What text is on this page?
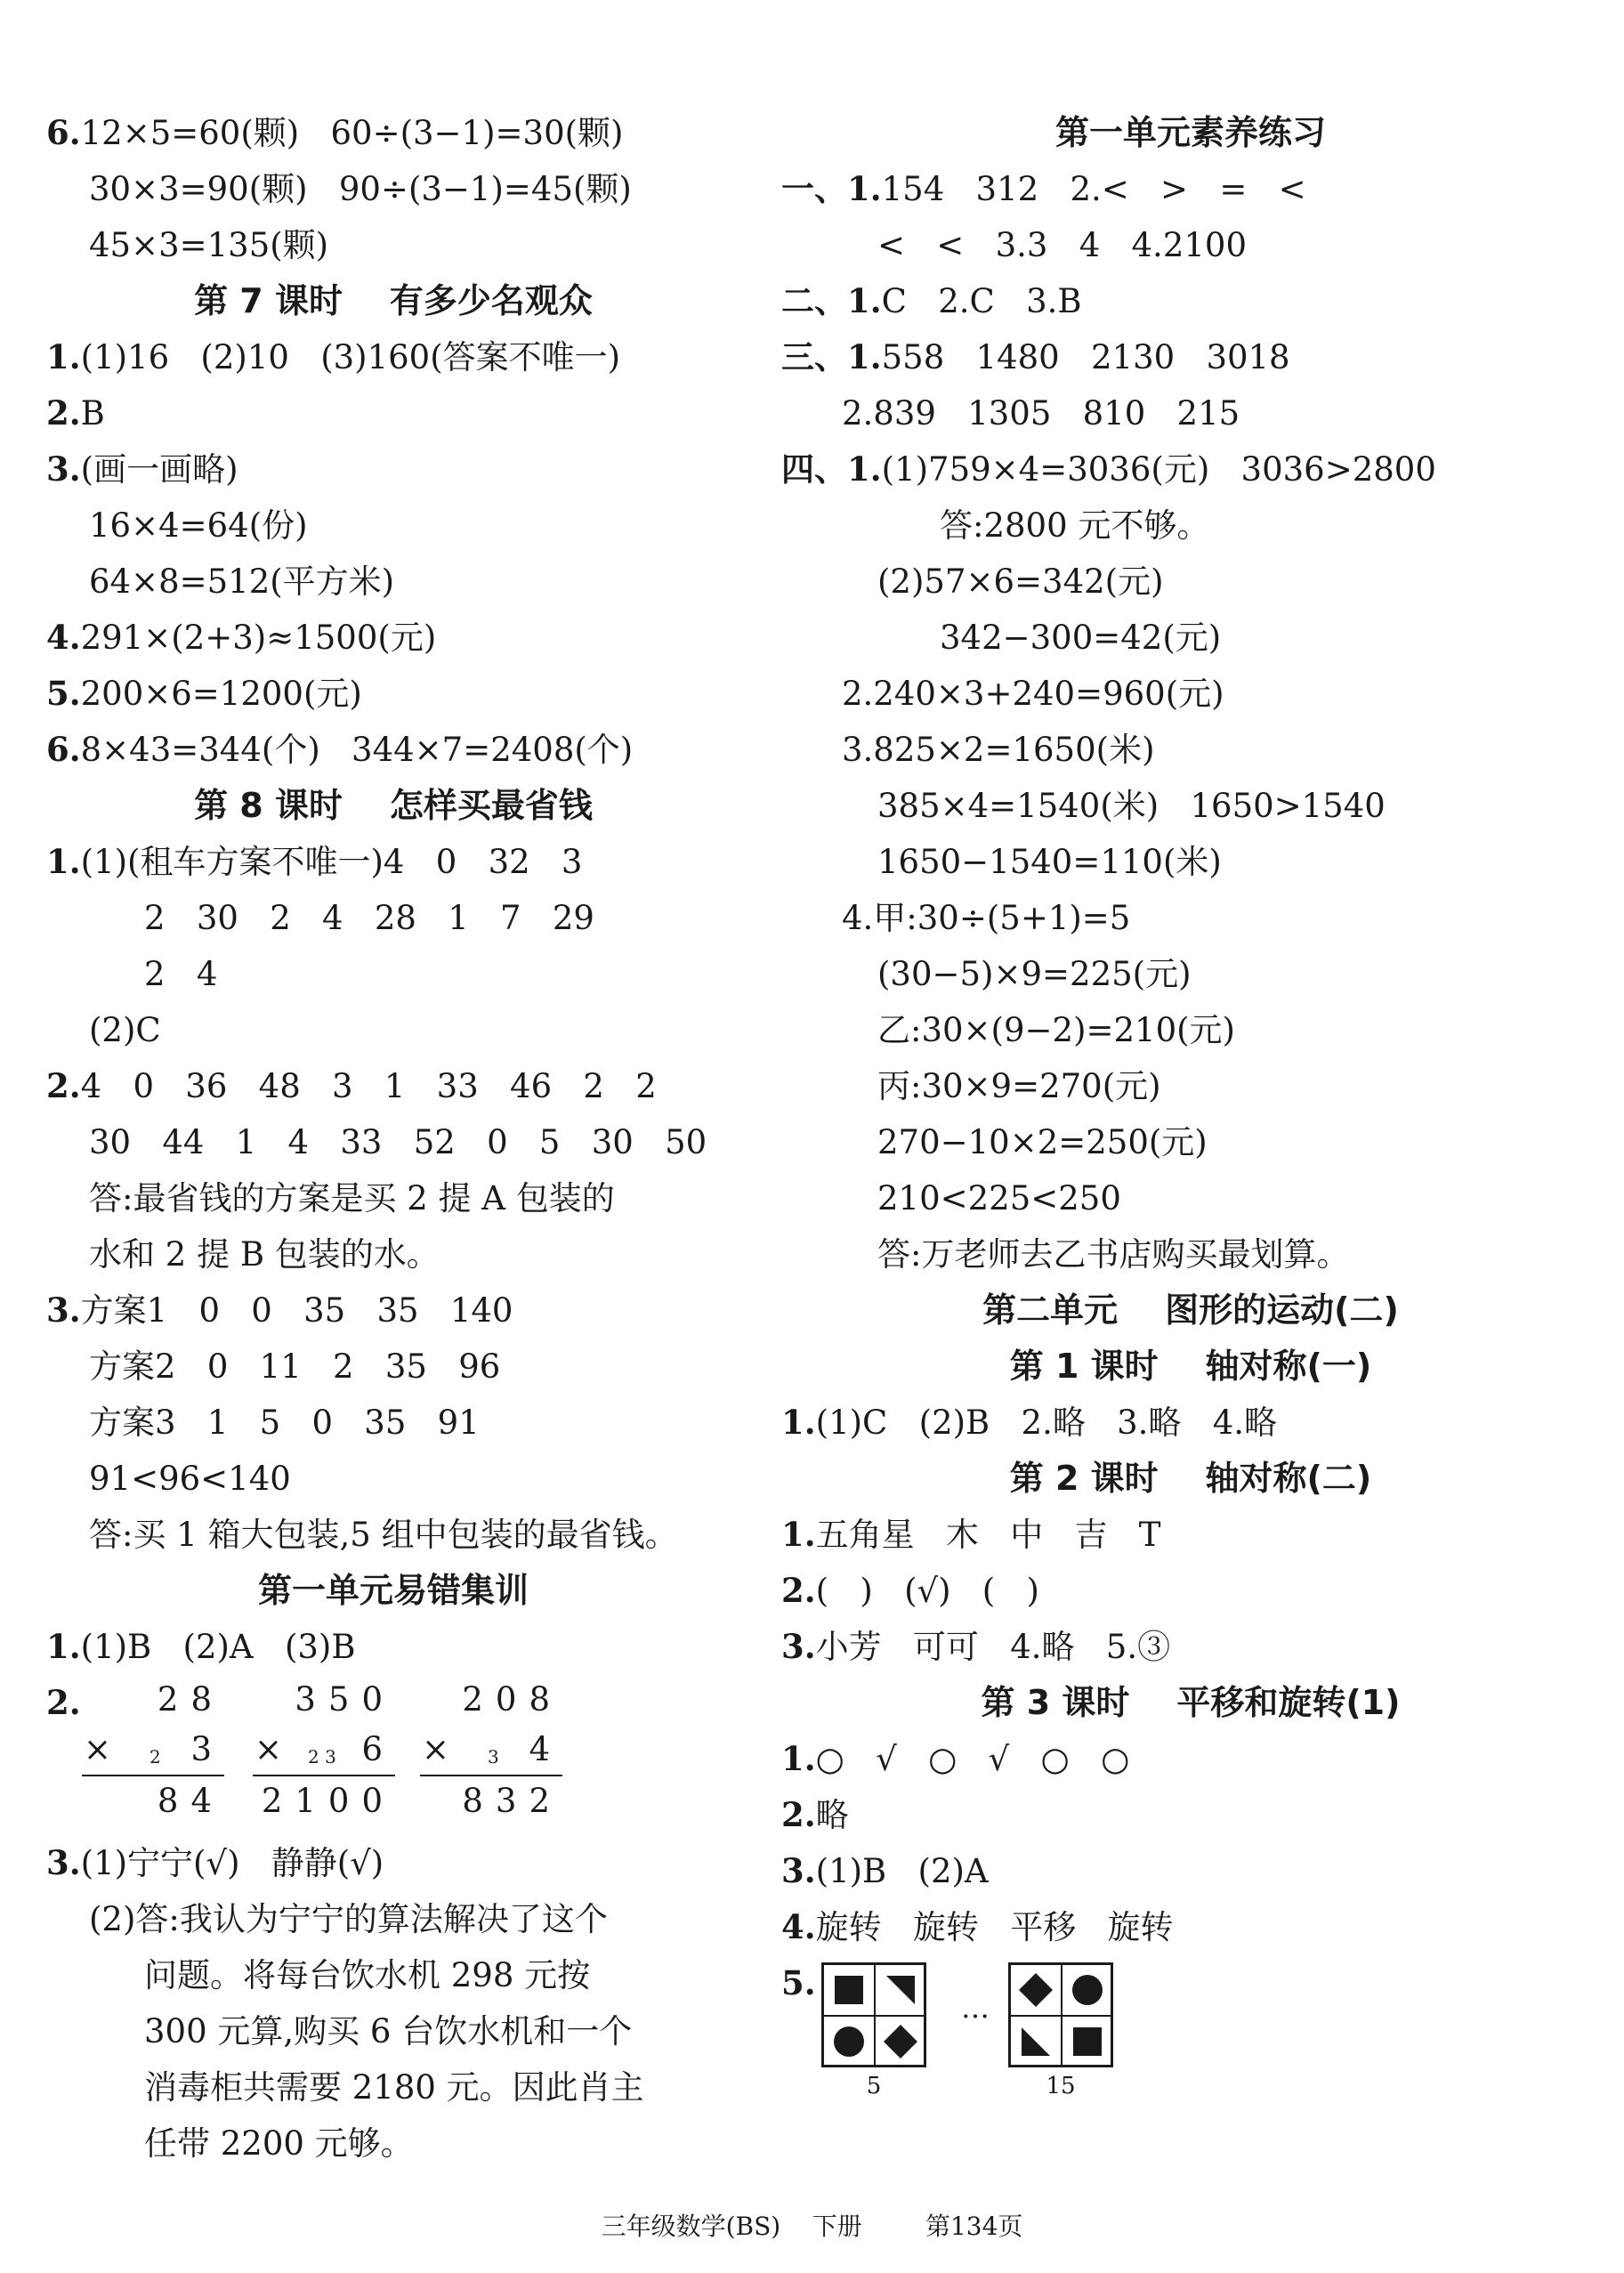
6.12×5=60(颗)   60÷(3−1)=30(颗)
30×3=90(颗)   90÷(3−1)=45(颗)
45×3=135(颗)
第 7 课时    有多少名观众
1.(1)16   (2)10   (3)160(答案不唯一)
2.B
3.(画一画略)
16×4=64(份)
64×8=512(平方米)
4.291×(2+3)≈1500(元)
5.200×6=1200(元)
6.8×43=344(个)   344×7=2408(个)
第 8 课时    怎样买最省钱
1.(1)(租车方案不唯一)4   0   32   3
2   30   2   4   28   1   7   29
2   4
(2)C
2.4   0   36   48   3   1   33   46   2   2
30   44   1   4   33   52   0   5   30   50
答:最省钱的方案是买 2 提 A 包装的
水和 2 提 B 包装的水。
3.方案1   0   0   35   35   140
方案2   0   11   2   35   96
方案3   1   5   0   35   91
91<96<140
答:买 1 箱大包装,5 组中包装的最省钱。
第一单元易错集训
1.(1)B   (2)A   (3)B
2.	28
× 2 3
84
350
× 2 3 6
2100
208
× 3 4
832
3.(1)宁宁(√)   静静(√)
(2)答:我认为宁宁的算法解决了这个
问题。将每台饮水机 298 元按
300 元算,购买 6 台饮水机和一个
消毒柜共需要 2180 元。因此肖主
任带 2200 元够。
第一单元素养练习
一、1.154   312   2.<   >   =   <
<   <   3.3   4   4.2100
二、1.C   2.C   3.B
三、1.558   1480   2130   3018
2.839   1305   810   215
四、1.(1)759×4=3036(元)   3036>2800
答:2800 元不够。
(2)57×6=342(元)
342−300=42(元)
2.240×3+240=960(元)
3.825×2=1650(米)
385×4=1540(米)   1650>1540
1650−1540=110(米)
4.甲:30÷(5+1)=5
(30−5)×9=225(元)
乙:30×(9−2)=210(元)
丙:30×9=270(元)
270−10×2=250(元)
210<225<250
答:万老师去乙书店购买最划算。
第二单元    图形的运动(二)
第 1 课时    轴对称(一)
1.(1)C   (2)B   2.略   3.略   4.略
第 2 课时    轴对称(二)
1.五角星   木   中   吉   T
2.(   )   (√)   (   )
3.小芳   可可   4.略   5.③
第 3 课时    平移和旋转(1)
1.○   √   ○   √   ○   ○
2.略
3.(1)B   (2)A
4.旋转   旋转   平移   旋转
5.
5
…
15
三年级数学(BS)    下册        第134页
